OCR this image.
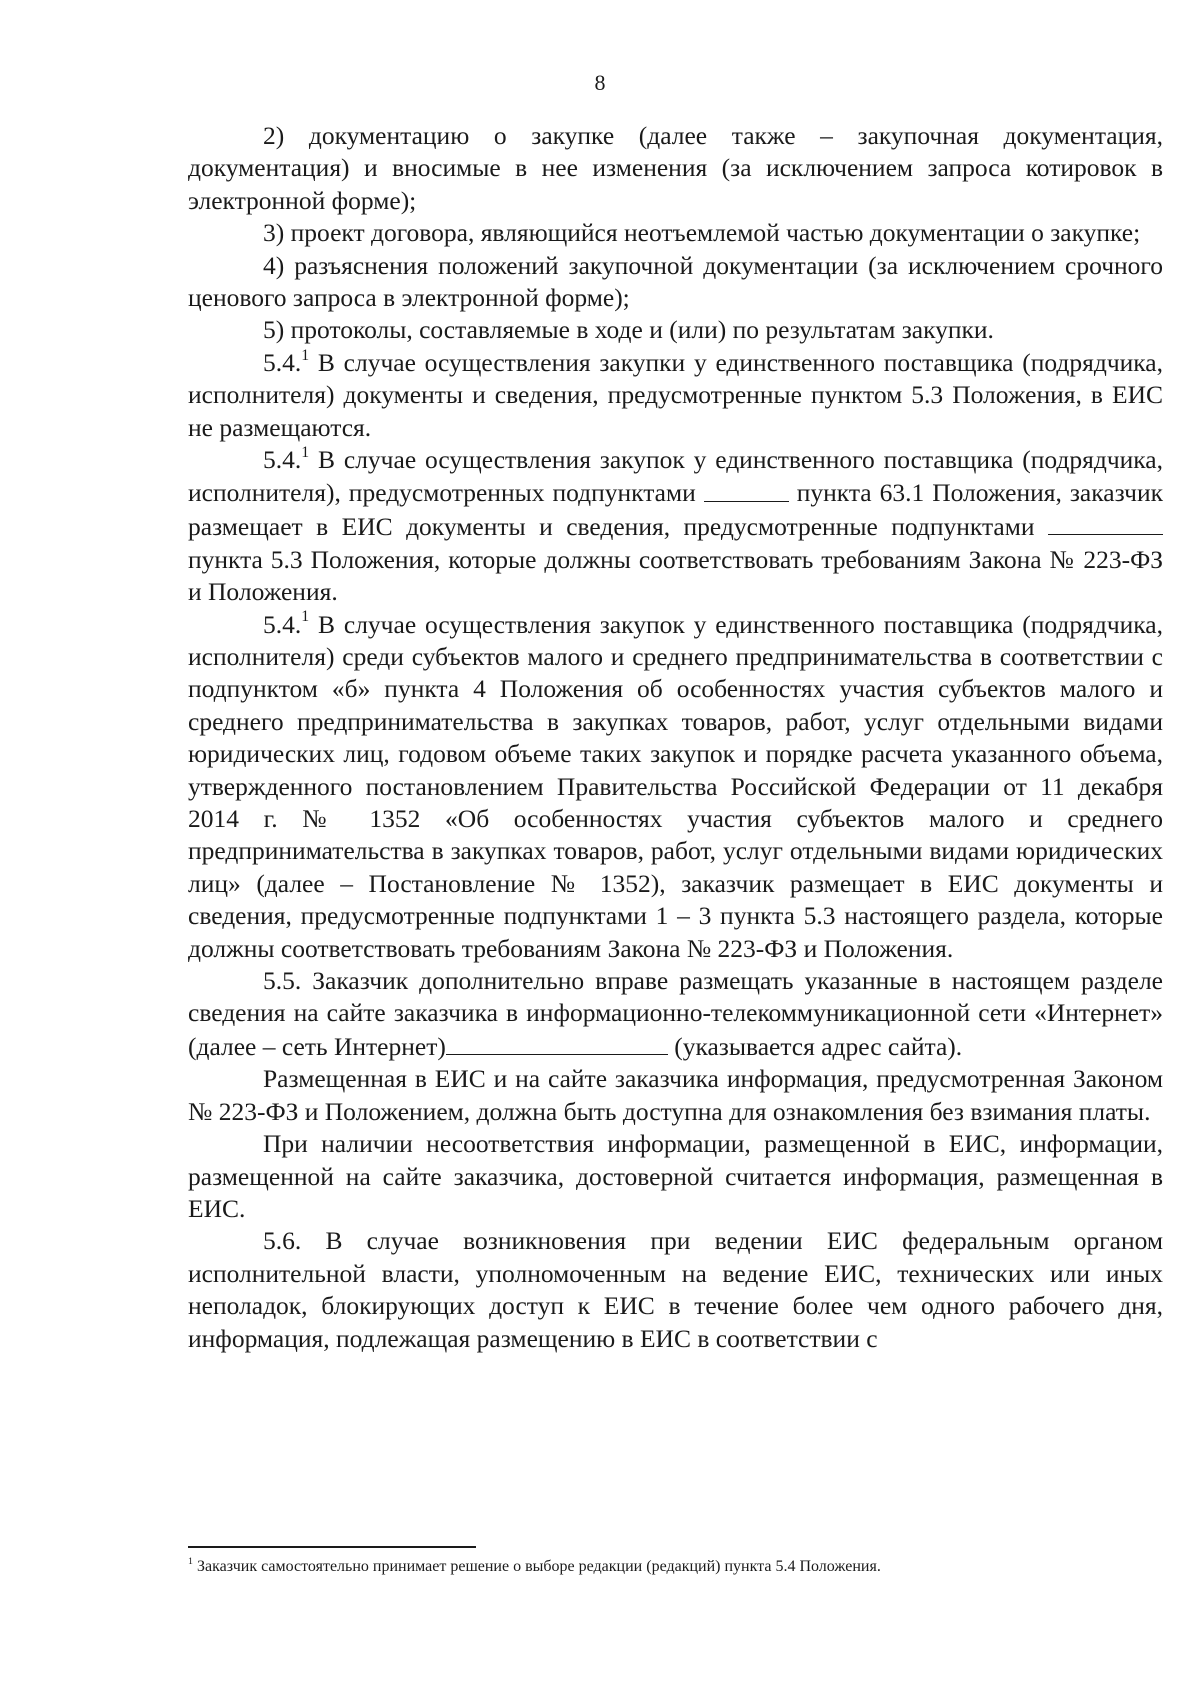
8

2) документацию о закупке (далее также – закупочная документация, документация) и вносимые в нее изменения (за исключением запроса котировок в электронной форме);

3) проект договора, являющийся неотъемлемой частью документации о закупке;

4) разъяснения положений закупочной документации (за исключением срочного ценового запроса в электронной форме);

5) протоколы, составляемые в ходе и (или) по результатам закупки.

5.4.$^1$ В случае осуществления закупки у единственного поставщика (подрядчика, исполнителя) документы и сведения, предусмотренные пунктом 5.3 Положения, в ЕИС не размещаются.

5.4.$^1$ В случае осуществления закупок у единственного поставщика (подрядчика, исполнителя), предусмотренных подпунктами	пункта 63.1 Положения, заказчик размещает в ЕИС документы и сведения, предусмотренные подпунктами  пункта 5.3 Положения, которые должны соответствовать требованиям Закона № 223-ФЗ и Положения.

5.4.$^1$ В случае осуществления закупок у единственного поставщика (подрядчика, исполнителя) среди субъектов малого и среднего предпринимательства в соответствии с подпунктом «б» пункта 4 Положения об особенностях участия субъектов малого и среднего предпринимательства в закупках товаров, работ, услуг отдельными видами юридических лиц, годовом объеме таких закупок и порядке расчета указанного объема, утвержденного постановлением Правительства Российской Федерации от 11 декабря 2014 г. № 1352 «Об особенностях участия субъектов малого и среднего предпринимательства в закупках товаров, работ, услуг отдельными видами юридических лиц» (далее – Постановление № 1352), заказчик размещает в ЕИС документы и сведения, предусмотренные подпунктами 1 – 3 пункта 5.3 настоящего раздела, которые должны соответствовать требованиям Закона № 223-ФЗ и Положения.

5.5. Заказчик дополнительно вправе размещать указанные в настоящем разделе сведения на сайте заказчика в информационно-телекоммуникационной сети «Интернет» (далее – сеть Интернет)	(указывается адрес сайта).

Размещенная в ЕИС и на сайте заказчика информация, предусмотренная Законом № 223-ФЗ и Положением, должна быть доступна для ознакомления без взимания платы.

При наличии несоответствия информации, размещенной в ЕИС, информации, размещенной на сайте заказчика, достоверной считается информация, размещенная в ЕИС.

5.6. В случае возникновения при ведении ЕИС федеральным органом исполнительной власти, уполномоченным на ведение ЕИС, технических или иных неполадок, блокирующих доступ к ЕИС в течение более чем одного рабочего дня, информация, подлежащая размещению в ЕИС в соответствии с

$^1$ Заказчик самостоятельно принимает решение о выборе редакции (редакций) пункта 5.4 Положения.
